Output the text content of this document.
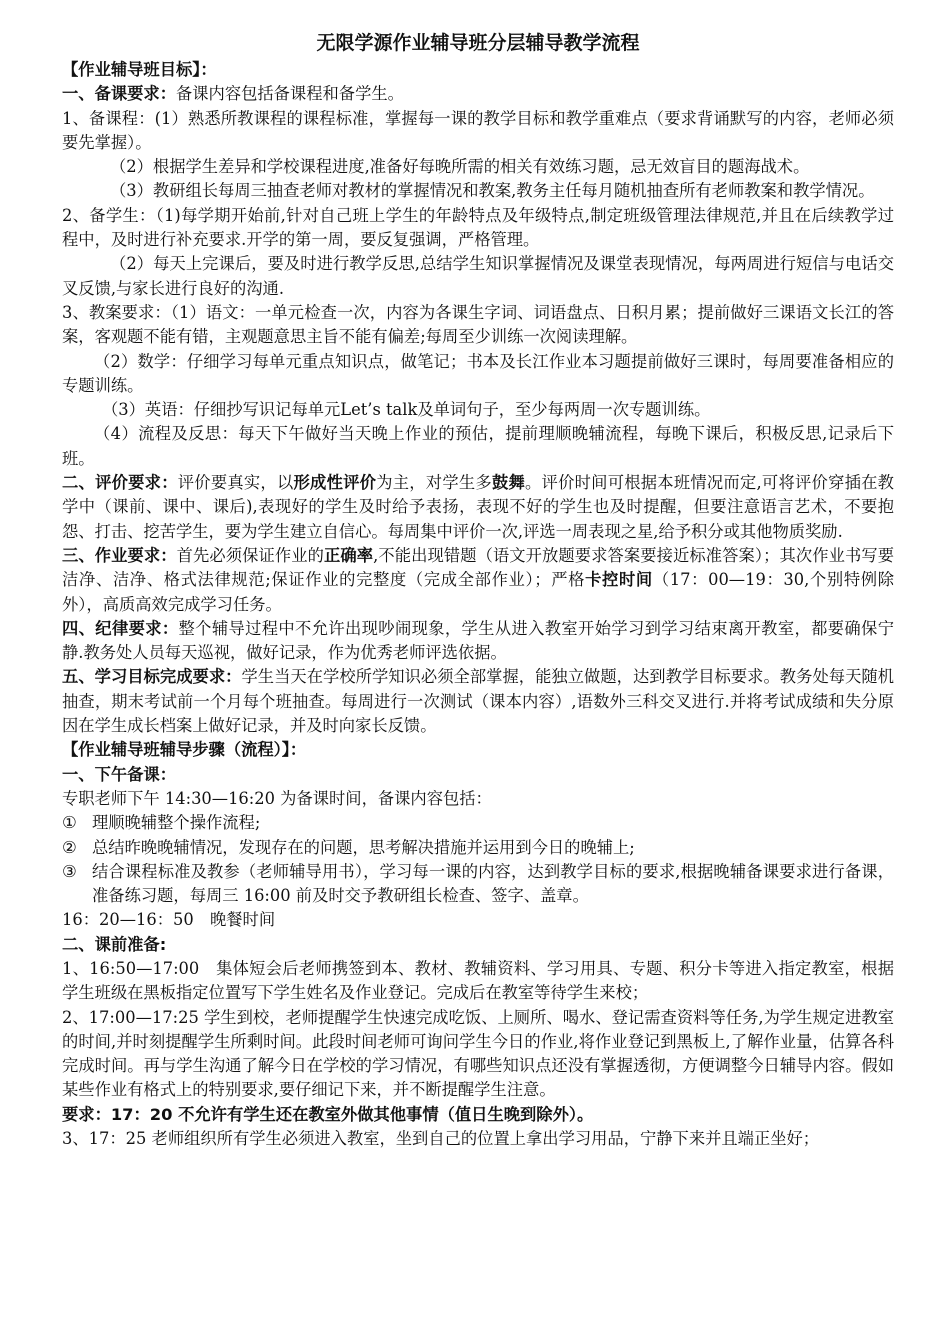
无限学源作业辅导班分层辅导教学流程

【作业辅导班目标】：

一、备课要求：备课内容包括备课程和备学生。

1、备课程：(1）熟悉所教课程的课程标准，掌握每一课的教学目标和教学重难点（要求背诵默写的内容，老师必须要先掌握）。

（2）根据学生差异和学校课程进度,准备好每晚所需的相关有效练习题，忌无效盲目的题海战术。

（3）教研组长每周三抽查老师对教材的掌握情况和教案,教务主任每月随机抽查所有老师教案和教学情况。

2、备学生：（1)每学期开始前,针对自己班上学生的年龄特点及年级特点,制定班级管理法律规范,并且在后续教学过程中，及时进行补充要求.开学的第一周，要反复强调，严格管理。

（2）每天上完课后，要及时进行教学反思,总结学生知识掌握情况及课堂表现情况，每两周进行短信与电话交叉反馈,与家长进行良好的沟通.

3、教案要求：（1）语文：一单元检查一次，内容为各课生字词、词语盘点、日积月累；提前做好三课语文长江的答案，客观题不能有错，主观题意思主旨不能有偏差;每周至少训练一次阅读理解。

（2）数学：仔细学习每单元重点知识点，做笔记；书本及长江作业本习题提前做好三课时，每周要准备相应的专题训练。

（3）英语：仔细抄写识记每单元Let’s talk及单词句子，至少每两周一次专题训练。

（4）流程及反思：每天下午做好当天晚上作业的预估，提前理顺晚辅流程，每晚下课后，积极反思,记录后下班。

二、评价要求：评价要真实，以形成性评价为主，对学生多鼓舞。评价时间可根据本班情况而定,可将评价穿插在教学中（课前、课中、课后),表现好的学生及时给予表扬，表现不好的学生也及时提醒，但要注意语言艺术，不要抱怨、打击、挖苦学生，要为学生建立自信心。每周集中评价一次,评选一周表现之星,给予积分或其他物质奖励.

三、作业要求：首先必须保证作业的正确率,不能出现错题（语文开放题要求答案要接近标准答案）；其次作业书写要洁净、洁净、格式法律规范;保证作业的完整度（完成全部作业）；严格卡控时间（17：00—19：30,个别特例除外），高质高效完成学习任务。

四、纪律要求：整个辅导过程中不允许出现吵闹现象，学生从进入教室开始学习到学习结束离开教室，都要确保宁静.教务处人员每天巡视，做好记录，作为优秀老师评选依据。

五、学习目标完成要求：学生当天在学校所学知识必须全部掌握，能独立做题，达到教学目标要求。教务处每天随机抽查，期末考试前一个月每个班抽查。每周进行一次测试（课本内容）,语数外三科交叉进行.并将考试成绩和失分原因在学生成长档案上做好记录，并及时向家长反馈。

【作业辅导班辅导步骤（流程）】：

一、下午备课：

专职老师下午 14:30—16:20 为备课时间，备课内容包括：

① 理顺晚辅整个操作流程;

② 总结昨晚晚辅情况，发现存在的问题，思考解决措施并运用到今日的晚辅上;

③ 结合课程标准及教参（老师辅导用书），学习每一课的内容，达到教学目标的要求,根据晚辅备课要求进行备课，准备练习题，每周三 16:00 前及时交予教研组长检查、签字、盖章。

16：20—16：50　晚餐时间

二、课前准备:

1、16:50—17:00　集体短会后老师携签到本、教材、教辅资料、学习用具、专题、积分卡等进入指定教室，根据学生班级在黑板指定位置写下学生姓名及作业登记。完成后在教室等待学生来校；

2、17:00—17:25 学生到校，老师提醒学生快速完成吃饭、上厕所、喝水、登记需查资料等任务,为学生规定进教室的时间,并时刻提醒学生所剩时间。此段时间老师可询问学生今日的作业,将作业登记到黑板上,了解作业量，估算各科完成时间。再与学生沟通了解今日在学校的学习情况，有哪些知识点还没有掌握透彻，方便调整今日辅导内容。假如某些作业有格式上的特别要求,要仔细记下来，并不断提醒学生注意。

要求：17：20 不允许有学生还在教室外做其他事情（值日生晚到除外）。

3、17：25 老师组织所有学生必须进入教室，坐到自己的位置上拿出学习用品，宁静下来并且端正坐好；
